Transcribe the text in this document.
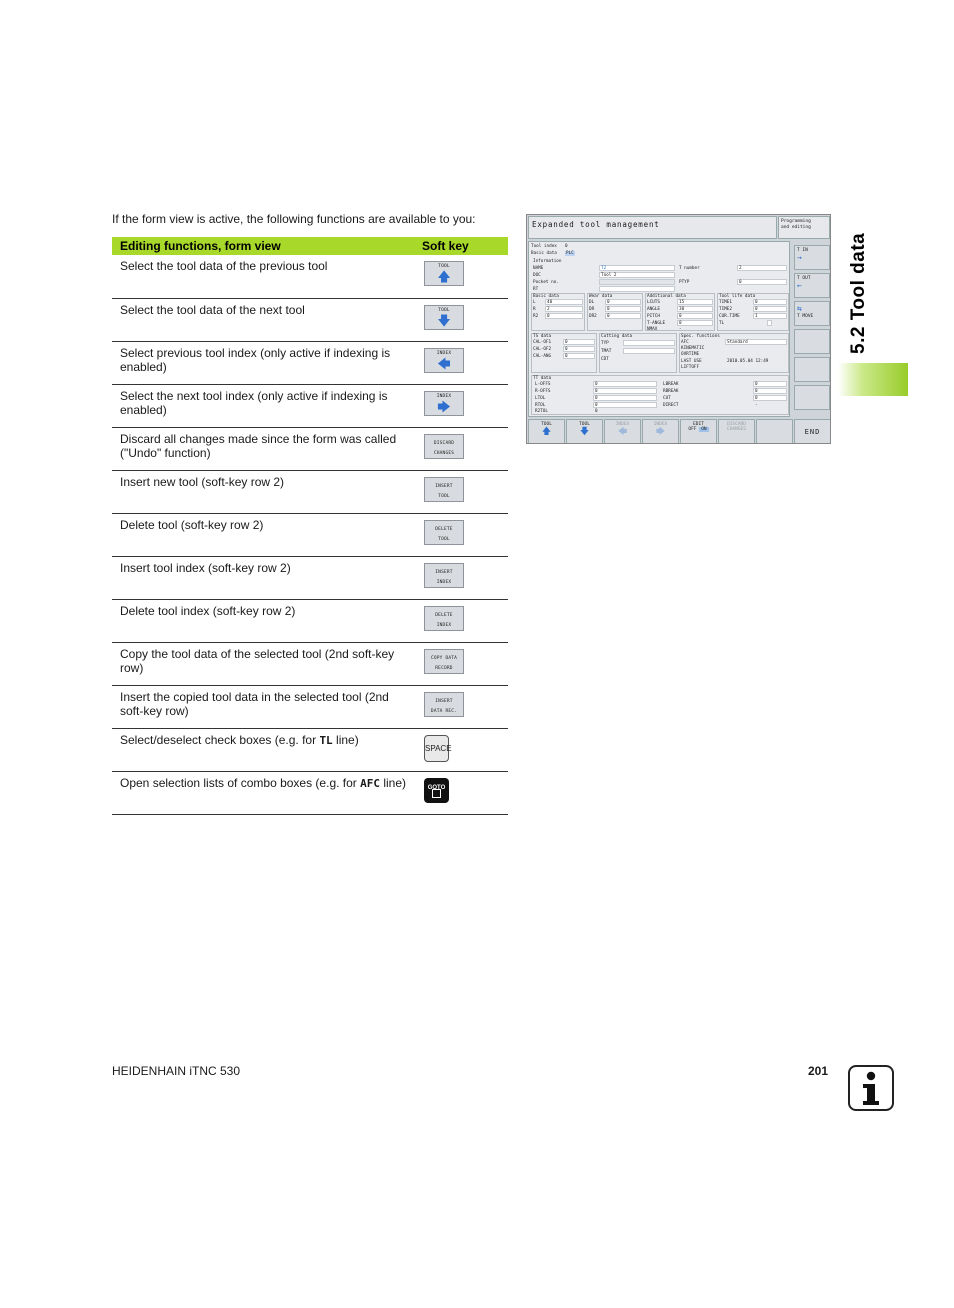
If the form view is active, the following functions are available to you:
Editing functions, form view	Soft key
Select the tool data of the previous tool	TOOL
🡅

Select the tool data of the next tool	TOOL
🡇

Select previous tool index (only active if indexing is enabled)	INDEX
🡄

Select the next tool index (only active if indexing is enabled)	INDEX
🡆

Discard all changes made since the form was called ("Undo" function)	DISCARD
CHANGES

Insert new tool (soft-key row 2)	INSERT
TOOL

Delete tool (soft-key row 2)	DELETE
TOOL

Insert tool index (soft-key row 2)	INSERT
INDEX

Delete tool index (soft-key row 2)	DELETE
INDEX

Copy the tool data of the selected tool (2nd soft-key row)	COPY DATA
RECORD

Insert the copied tool data in the selected tool (2nd soft-key row)	INSERT
DATA REC.

Select/deselect check boxes (e.g. for TL line)	SPACE

Open selection lists of combo boxes (e.g. for AFC line)	GOTO
Expanded tool management	Programming
and editing
Tool index 0
Basic data PLC
Information
NAME	T2
DOC	Tool 2
Pocket no.
RT
T number	2
PTYP	0
Basic data
L	40
R	2
R2 0
Wear data
DL	0
DR	0
DR2 0
Additional data
LCUTS	15
ANGLE	30
PITCH	0
T-ANGLE	0
NMAX	-
Tool life data
TIME1	0
TIME2	0
CUR.TIME	1
TL
TS data
CAL-OF1	0
CAL-OF2	0
CAL-ANG	0
Cutting data
TYP
TMAT
CDT
Spec. functions
AFC	Standard
KINEMATIC
OVRTIME
LAST USE	2010.05.04 12:49
LIFTOFF
TT data
L-OFFS	0
R-OFFS	0
LTOL	0
RTOL	0
R2TOL	0
LBREAK	0
RBREAK	0
CUT	0
DIRECT	-
T IN
→
T OUT
←
⇆
T MOVE
TOOL
🡅
TOOL
🡇
INDEX
🡄
INDEX
🡆
EDIT
OFF ON
DISCARD
CHANGES	END
5.2 Tool data
HEIDENHAIN iTNC 530	201
